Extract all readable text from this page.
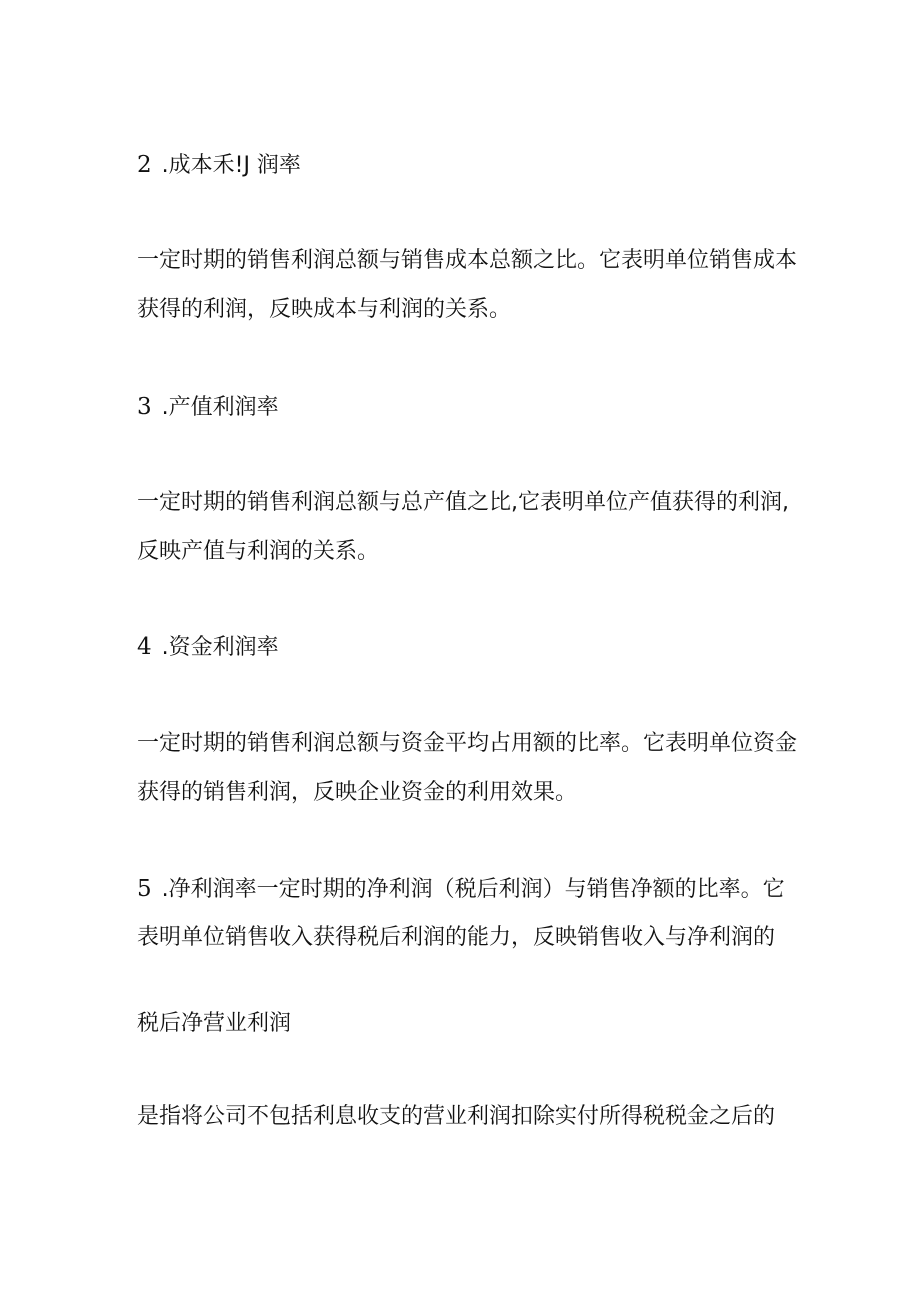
2 .成本禾!J 润率
一定时期的销售利润总额与销售成本总额之比。它表明单位销售成本
获得的利润，反映成本与利润的关系。
3 .产值利润率
一定时期的销售利润总额与总产值之比,它表明单位产值获得的利润,
反映产值与利润的关系。
4 .资金利润率
一定时期的销售利润总额与资金平均占用额的比率。它表明单位资金
获得的销售利润，反映企业资金的利用效果。
5 .净利润率一定时期的净利润（税后利润）与销售净额的比率。它
表明单位销售收入获得税后利润的能力，反映销售收入与净利润的
税后净营业利润
是指将公司不包括利息收支的营业利润扣除实付所得税税金之后的
